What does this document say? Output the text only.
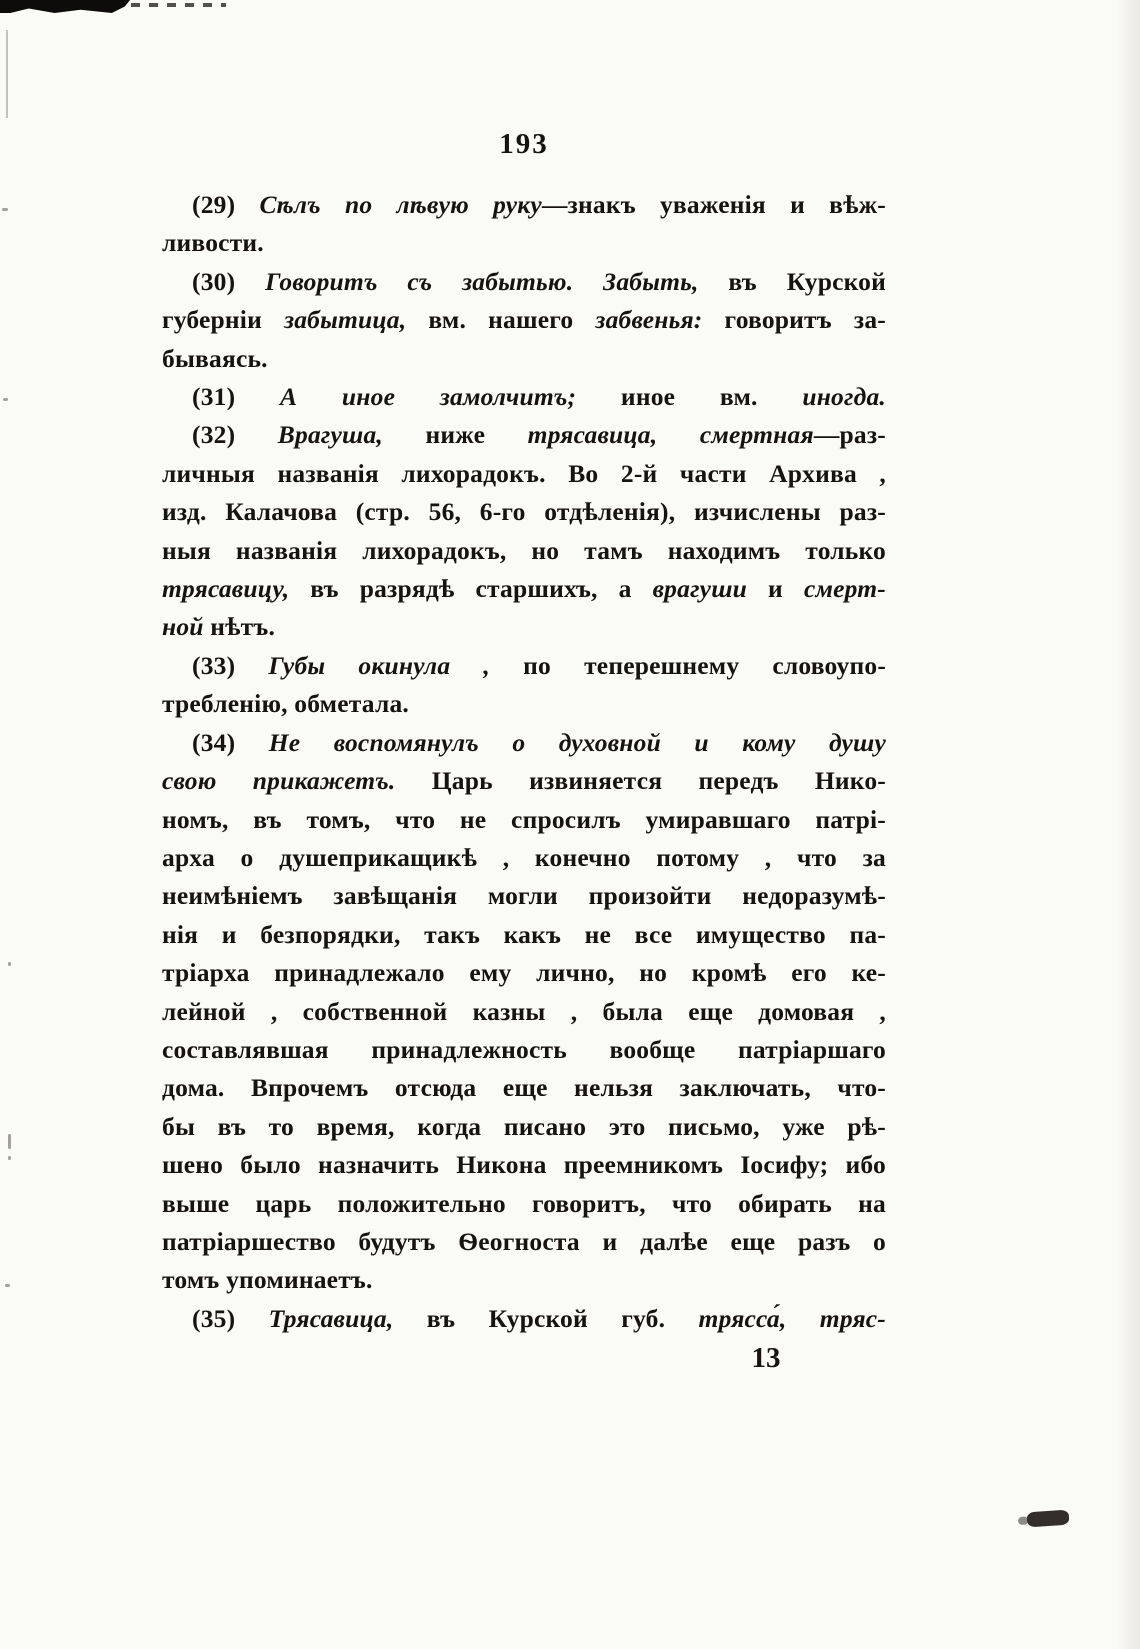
193
(29) Сѣлъ по лѣвую руку—знакъ уваженія и вѣж-
ливости.
(30) Говоритъ съ забытью. Забыть, въ Курской
губерніи забытица, вм. нашего забвенья: говоритъ за-
бываясь.
(31) А иное замолчитъ; иное вм. иногда.
(32) Врагуша, ниже трясавица, смертная—раз-
личныя названія лихорадокъ. Во 2-й части Архива ,
изд. Калачова (стр. 56, 6-го отдѣленія), изчислены раз-
ныя названія лихорадокъ, но тамъ находимъ только
трясавицу, въ разрядѣ старшихъ, а врагуши и смерт-
ной нѣтъ.
(33) Губы окинула , по теперешнему словоупо-
требленію, обметала.
(34) Не воспомянулъ о духовной и кому душу
свою прикажетъ. Царь извиняется передъ Нико-
номъ, въ томъ, что не спросилъ умиравшаго патрі-
арха о душеприкащикѣ , конечно потому , что за
неимѣніемъ завѣщанія могли произойти недоразумѣ-
нія и безпорядки, такъ какъ не все имущество па-
тріарха принадлежало ему лично, но кромѣ его ке-
лейной , собственной казны , была еще домовая ,
составлявшая принадлежность вообще патріаршаго
дома. Впрочемъ отсюда еще нельзя заключать, что-
бы въ то время, когда писано это письмо, уже рѣ-
шено было назначить Никона преемникомъ Іосифу; ибо
выше царь положительно говоритъ, что обирать на
патріаршество будутъ Ѳеогноста и далѣе еще разъ о
томъ упоминаетъ.
(35) Трясавица, въ Курской губ. трясса́, тряс-
13
